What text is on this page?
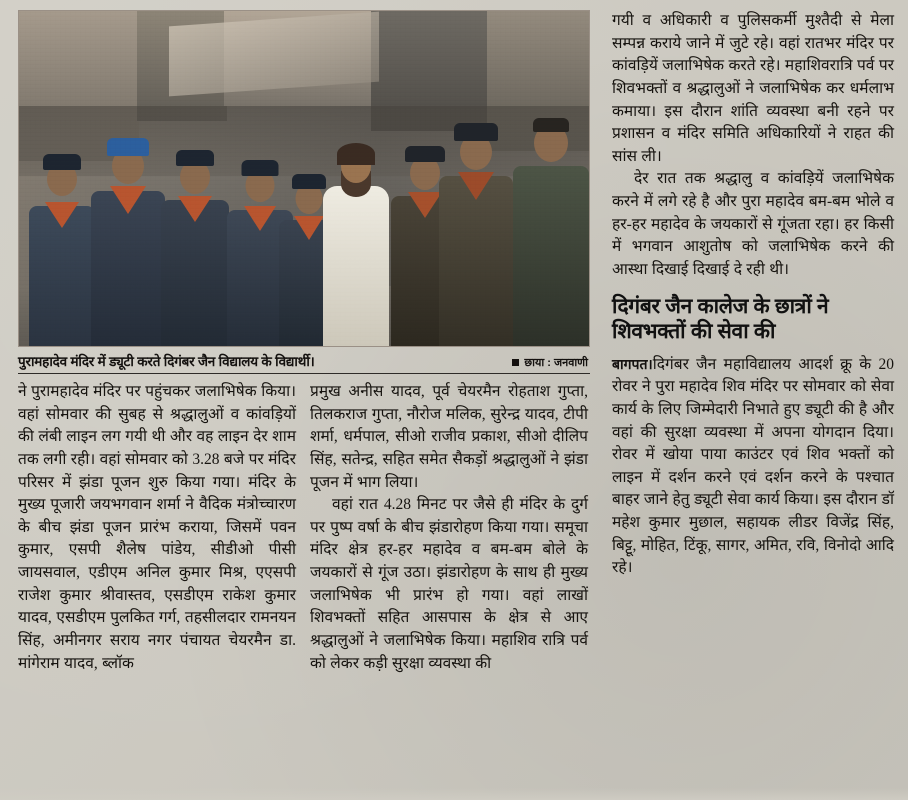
पुरामहादेव मंदिर में ड्यूटी करते दिगंबर जैन विद्यालय के विद्यार्थी।	छाया : जनवाणी

ने पुरामहादेव मंदिर पर पहुंचकर जलाभिषेक किया। वहां सोमवार की सुबह से श्रद्धालुओं व कांवड़ियों की लंबी लाइन लग गयी थी और वह लाइन देर शाम तक लगी रही। वहां सोमवार को 3.28 बजे पर मंदिर परिसर में झंडा पूजन शुरु किया गया। मंदिर के मुख्य पूजारी जयभगवान शर्मा ने वैदिक मंत्रोच्चारण के बीच झंडा पूजन प्रारंभ कराया, जिसमें पवन कुमार, एसपी शैलेष पांडेय, सीडीओ पीसी जायसवाल, एडीएम अनिल कुमार मिश्र, एएसपी राजेश कुमार श्रीवास्तव, एसडीएम राकेश कुमार यादव, एसडीएम पुलकित गर्ग, तहसीलदार रामनयन सिंह, अमीनगर सराय नगर पंचायत चेयरमैन डा. मांगेराम यादव, ब्लॉक

प्रमुख अनीस यादव, पूर्व चेयरमैन रोहताश गुप्ता, तिलकराज गुप्ता, नौरोज मलिक, सुरेन्द्र यादव, टीपी शर्मा, धर्मपाल, सीओ राजीव प्रकाश, सीओ दीलिप सिंह, सतेन्द्र, सहित समेत सैकड़ों श्रद्धालुओं ने झंडा पूजन में भाग लिया।

वहां रात 4.28 मिनट पर जैसे ही मंदिर के दुर्ग पर पुष्प वर्षा के बीच झंडारोहण किया गया। समूचा मंदिर क्षेत्र हर-हर महादेव व बम-बम बोले के जयकारों से गूंज उठा। झंडारोहण के साथ ही मुख्य जलाभिषेक भी प्रारंभ हो गया। वहां लाखों शिवभक्तों सहित आसपास के क्षेत्र से आए श्रद्धालुओं ने जलाभिषेक किया। महाशिव रात्रि पर्व को लेकर कड़ी सुरक्षा व्यवस्था की

गयी व अधिकारी व पुलिसकर्मी मुश्तैदी से मेला सम्पन्न कराये जाने में जुटे रहे। वहां रातभर मंदिर पर कांवड़ियें जलाभिषेक करते रहे। महाशिवरात्रि पर्व पर शिवभक्तों व श्रद्धालुओं ने जलाभिषेक कर धर्मलाभ कमाया। इस दौरान शांति व्यवस्था बनी रहने पर प्रशासन व मंदिर समिति अधिकारियों ने राहत की सांस ली।

देर रात तक श्रद्धालु व कांवड़ियें जलाभिषेक करने में लगे रहे है और पुरा महादेव बम-बम भोले व हर-हर महादेव के जयकारों से गूंजता रहा। हर किसी में भगवान आशुतोष को जलाभिषेक करने की आस्था दिखाई दिखाई दे रही थी।

दिगंबर जैन कालेज के छात्रों ने शिवभक्तों की सेवा की

बागपत।दिगंबर जैन महाविद्यालय आदर्श क्रू के 20 रोवर ने पुरा महादेव शिव मंदिर पर सोमवार को सेवा कार्य के लिए जिम्मेदारी निभाते हुए ड्यूटी की है और वहां की सुरक्षा व्यवस्था में अपना योगदान दिया। रोवर में खोया पाया काउंटर एवं शिव भक्तों को लाइन में दर्शन करने एवं दर्शन करने के पश्चात बाहर जाने हेतु ड्यूटी सेवा कार्य किया। इस दौरान डॉ महेश कुमार मुछाल, सहायक लीडर विजेंद्र सिंह, बिट्टू, मोहित, टिंकू, सागर, अमित, रवि, विनोदो आदि रहे।
